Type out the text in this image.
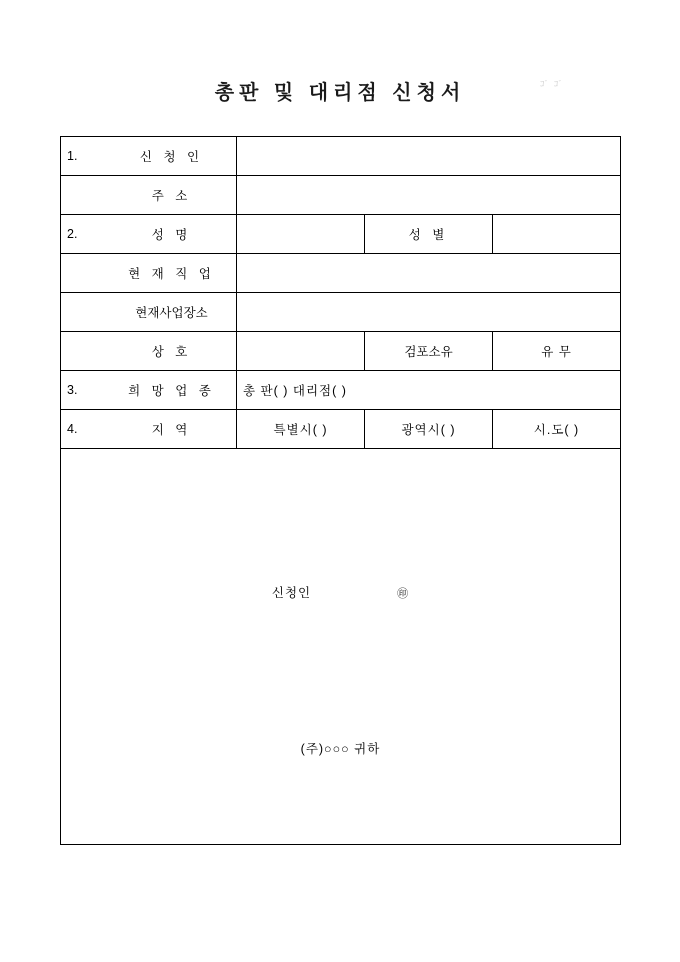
총판 및 대리점 신청서	ｺﾞ ｺﾞ
1. 신 청 인			

주 소			

2. 성 명		성 별	

현 재 직 업			

현재사업장소			

상 호		검포소유	유 무

3. 희 망 업 종	총 판( ) 대리점( )		

4. 지 역	특별시( )	광역시( )	시.도( )

신청인 ㊞
(주)○○○ 귀하			
